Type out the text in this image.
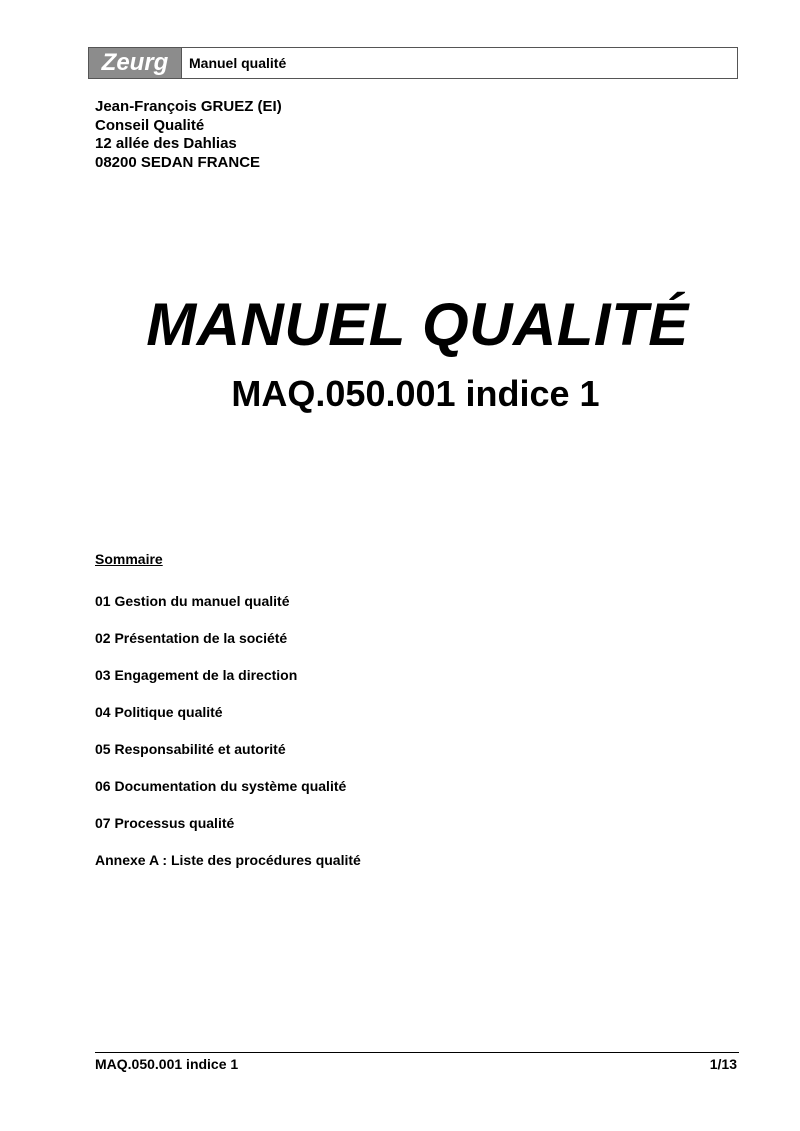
Zeurg Manuel qualité
Jean-François GRUEZ (EI)
Conseil Qualité
12 allée des Dahlias
08200 SEDAN FRANCE
MANUEL QUALITÉ
MAQ.050.001 indice 1
Sommaire
01 Gestion du manuel qualité
02 Présentation de la société
03 Engagement de la direction
04 Politique qualité
05 Responsabilité et autorité
06 Documentation du système qualité
07 Processus qualité
Annexe A : Liste des procédures qualité
MAQ.050.001 indice 1	1/13
